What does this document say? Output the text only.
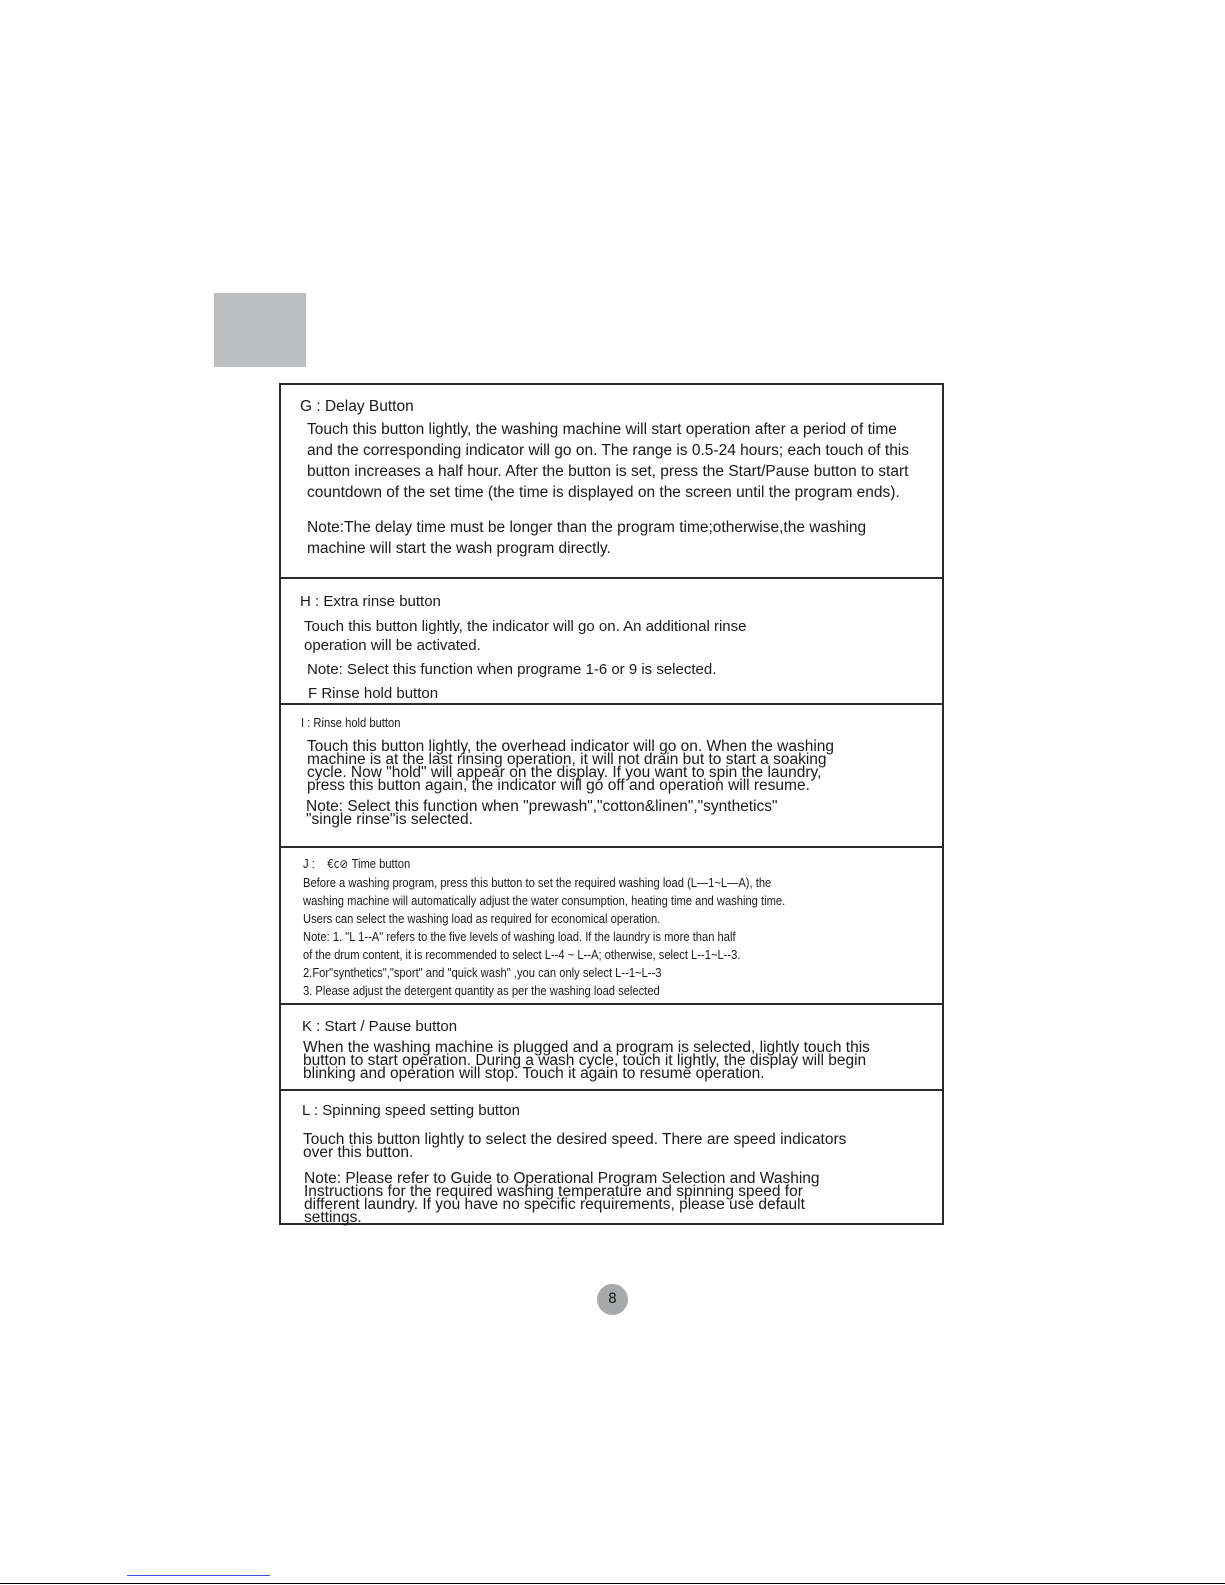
G : Delay Button

Touch this button lightly, the washing machine will start operation after a period of time
and the corresponding indicator will go on. The range is 0.5-24 hours; each touch of this
button increases a half hour. After the button is set, press the Start/Pause button to start
countdown of the set time (the time is displayed on the screen until the program ends).
Note:The delay time must be longer than the program time;otherwise,the washing
machine will start the wash program directly.

H : Extra rinse button

Touch this button lightly, the indicator will go on. An additional rinse
operation will be activated.

Note: Select this function when programe 1-6 or 9 is selected.

F Rinse hold button

I : Rinse hold button

Touch this button lightly, the overhead indicator will go on. When the washing
machine is at the last rinsing operation, it will not drain but to start a soaking
cycle. Now "hold" will appear on the display. If you want to spin the laundry,
press this button again, the indicator will go off and operation will resume.
Note: Select this function when "prewash","cotton&linen","synthetics"
"single rinse"is selected.

J : €c⊘ Time button

Before a washing program, press this button to set the required washing load (L—1~L—A), the
washing machine will automatically adjust the water consumption, heating time and washing time.
Users can select the washing load as required for economical operation.
Note: 1. "L 1--A" refers to the five levels of washing load. If the laundry is more than half
of the drum content, it is recommended to select L--4 ~ L--A; otherwise, select L--1~L--3.
2.For"synthetics","sport" and "quick wash" ,you can only select L--1~L--3
3. Please adjust the detergent quantity as per the washing load selected

K : Start / Pause button

When the washing machine is plugged and a program is selected, lightly touch this
button to start operation. During a wash cycle, touch it lightly, the display will begin
blinking and operation will stop. Touch it again to resume operation.

L : Spinning speed setting button

Touch this button lightly to select the desired speed. There are speed indicators
over this button.
Note: Please refer to Guide to Operational Program Selection and Washing
Instructions for the required washing temperature and spinning speed for
different laundry. If you have no specific requirements, please use default
settings.
8
